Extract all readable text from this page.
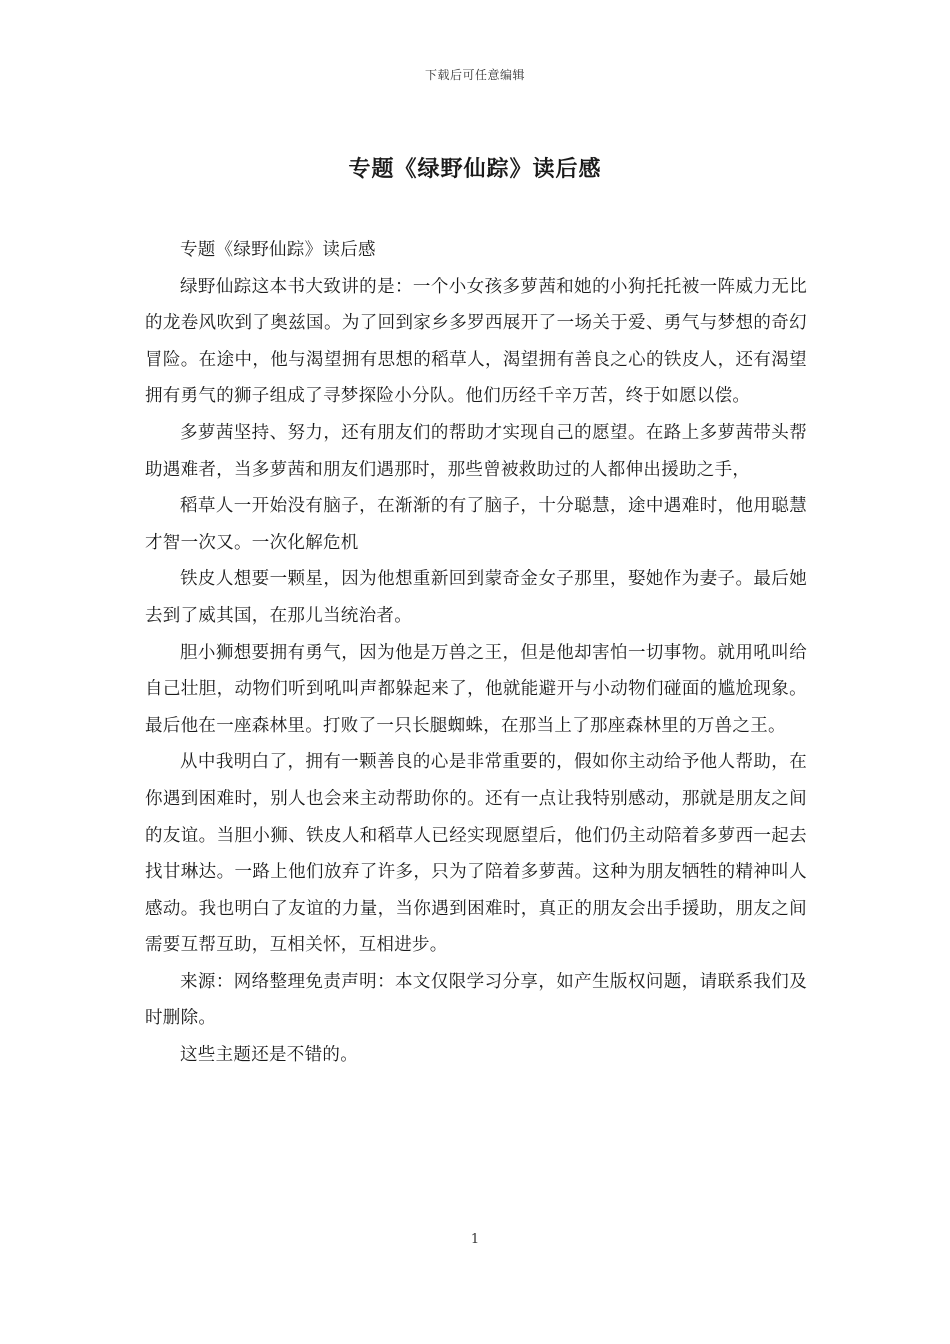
下载后可任意编辑
专题《绿野仙踪》读后感

专题《绿野仙踪》读后感

绿野仙踪这本书大致讲的是：一个小女孩多萝茜和她的小狗托托被一阵威力无比的龙卷风吹到了奥兹国。为了回到家乡多罗西展开了一场关于爱、勇气与梦想的奇幻冒险。在途中，他与渴望拥有思想的稻草人，渴望拥有善良之心的铁皮人，还有渴望拥有勇气的狮子组成了寻梦探险小分队。他们历经千辛万苦，终于如愿以偿。

多萝茜坚持、努力，还有朋友们的帮助才实现自己的愿望。在路上多萝茜带头帮助遇难者，当多萝茜和朋友们遇那时，那些曾被救助过的人都伸出援助之手，

稻草人一开始没有脑子，在渐渐的有了脑子，十分聪慧，途中遇难时，他用聪慧才智一次又。一次化解危机

铁皮人想要一颗星，因为他想重新回到蒙奇金女子那里，娶她作为妻子。最后她去到了威其国，在那儿当统治者。

胆小狮想要拥有勇气，因为他是万兽之王，但是他却害怕一切事物。就用吼叫给自己壮胆，动物们听到吼叫声都躲起来了，他就能避开与小动物们碰面的尴尬现象。最后他在一座森林里。打败了一只长腿蜘蛛，在那当上了那座森林里的万兽之王。

从中我明白了，拥有一颗善良的心是非常重要的，假如你主动给予他人帮助，在你遇到困难时，别人也会来主动帮助你的。还有一点让我特别感动，那就是朋友之间的友谊。当胆小狮、铁皮人和稻草人已经实现愿望后，他们仍主动陪着多萝西一起去找甘琳达。一路上他们放弃了许多，只为了陪着多萝茜。这种为朋友牺牲的精神叫人感动。我也明白了友谊的力量，当你遇到困难时，真正的朋友会出手援助，朋友之间需要互帮互助，互相关怀，互相进步。

来源：网络整理免责声明：本文仅限学习分享，如产生版权问题，请联系我们及时删除。

这些主题还是不错的。

1
